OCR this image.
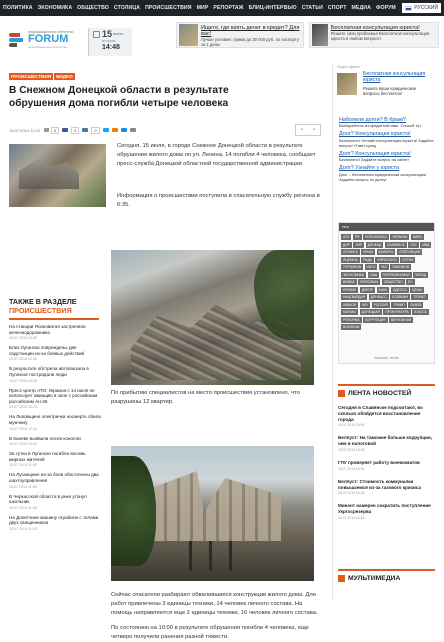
ПОЛИТИКА ЭКОНОМИКА ОБЩЕСТВО СТОЛИЦА ПРОИСШЕСТВИЯ МИР РЕПОРТАЖ БЛИЦ-ИНТЕРВЬЮ СТАТЬИ СПОРТ МЕДИА ФОРУМ	РУССКИЙ
информационное агентство
FORUM
информационное агентство
15 июля
вторник
14:48
Ищете, где взять денег в кредит? Для вас!
Лучше условия: сумма до 30 000 руб. по паспорту за 1 день!
Бесплатная консультация юриста!
Решите свои проблемы! Бесплатная консультация юриста в любом вопросе!
ПРОИСШЕСТВИЯ	ВИДЕО
В Снежном Донецкой области в результате обрушения дома погибли четыре человека
15.07.2014 11:20	0	0	0	‹	›

Сегодня, 15 июля, в городе Снежное Донецкой области в результате обрушения жилого дома по ул. Ленина, 14 погибли 4 человека, сообщает пресс-служба Донецкой областной государственной администрации.

Информация о происшествии поступила в спасательную службу региона в 6:35.

По прибытию специалистов на место происшествия установлено, что разрушены 12 квартир.

Сейчас спасатели разбирают обвалившиеся конструкции жилого дома. Для работ привлечены 3 единицы техники, 14 человек личного состава. На помощь направляются еще 2 единицы техники, 16 человек личного состава.

По состоянию на 10:00 в результате обрушения погибли 4 человека, еще четверо получили ранения разной тяжести.

ТАКЖЕ В РАЗДЕЛЕ
ПРОИСШЕСТВИЯ
На станции Ясиноватая застрелили железнодорожника
15.07.2014 12:45
Близ Луганска повреждены две подстанции из-за боевых действий
15.07.2014 12:33
В результате обстрела автовокзала в Луганске пострадали люди
15.07.2014 12:28
Пресс-центр АТО: Украина с 14 июля не использует авиацию в зоне с российским российским Ан-26
15.07.2014 12:24
На Львовщине электричка насмерть сбила мужчину
15.07.2014 12:15
В Каневе выявили посев конопли
15.07.2014 12:04
За сутки в Луганске погибли восемь мирных жителей
15.07.2014 11:55
На Луганщине из-за боев обесточены два шахтоуправления
15.07.2014 11:40
В Черкасской области в реке утонул школьник
15.07.2014 11:28
На Донетчине машину ограбили с телами двух священников
15.07.2014 11:15
Яндекс.Директ
Бесплатная консультация юриста
Решите ваши юридические вопросы бесплатно!
Наболели долги? В Крым?
Выбирайтесь из кредитной ямы. Способ тут.
Долг? Консультация юриста!
Бесплатно! Онлайн консультация юриста! Задайте вопрос! Ответ сразу
Долг? Консультация юриста!
Бесплатно! Задайте вопрос на сайте!
Долг? Узнайте у юриста
Долг – бесплатная юридическая консультация! Задайте вопрос по долгу!
теги
АТО	РФ	ПОРОШЕНКО	УКРАИНА	КИЕВ
ДНР	ЛНР	ДОНЕЦК	СЛАВЯНСК	СБУ	МВД
ЛУГАНСК	КРЫМ	ВЫБОРЫ	ОППОЗИЦИЯ
ЯЦЕНЮК	РАДА	ЕВРОСОЮЗ	ПУТИН
ТУРЧИНОВ	НАТО	ГАЗ	ТАМОЖНЯ
ЭКОНОМИКА	США	ПОГРАНИЧНИКИ	ЗАПАД
ВОЙНА	ЯНУКОВИЧ	ОБЩЕСТВО	ЕС
КРИЗИС	ДНЕПР	БАНК	ОДЕССА	ЦЕНЫ
НАЦГВАРДИЯ	ДОНБАСС	БОЕВИКИ	ТЕРАКТ
АВАКОВ	НБУ	РОССИЯ	ТРАМП	ЛЬВОВ
КЛИЧКО	ДОНЕЦКАЯ	ПРОКУРАТУРА	ВЛАСТЬ
РЕФОРМА	КОРРУПЦИЯ	ВЕРХОВНАЯ
ВОЕНКОМ
Больше тегов
ЛЕНТА НОВОСТЕЙ
Сегодня в Славянске подсчитают, во сколько обойдется восстановление города
15.07.2014 14:45
Белпуст: На таможне больше коррупции, чем в налоговой
15.07.2014 14:38
ГПУ проверяет работу военкоматов
15.07.2014 14:30
Белпуст: Стоимость коммуналки повышаемся из-за газового кризиса
15.07.2014 14:25
Минэнт намерен сократить поступление Укргосрезерва
15.07.2014 14:18
МУЛЬТИМЕДИА
